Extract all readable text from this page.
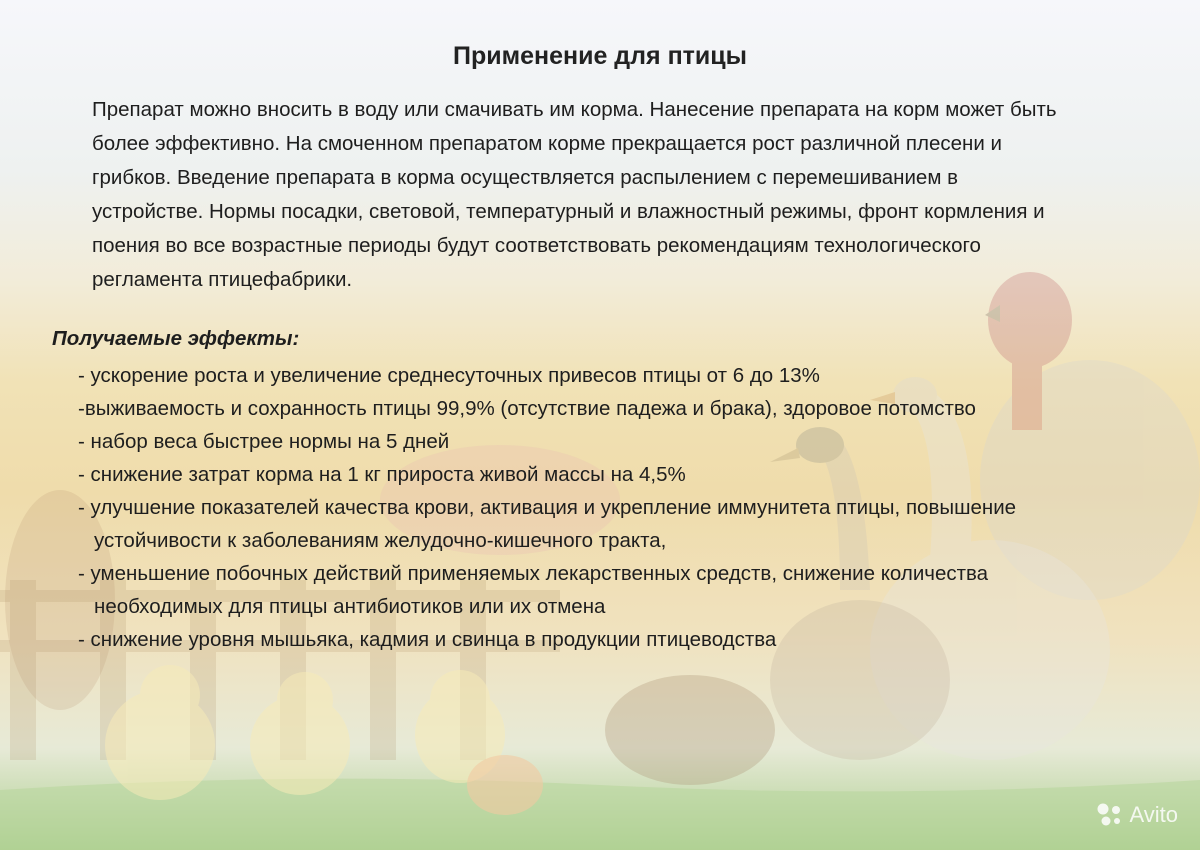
Применение для птицы

Препарат можно вносить в воду или смачивать им корма. Нанесение препарата на корм может быть более эффективно. На смоченном препаратом корме прекращается рост различной плесени и грибков. Введение препарата в корма осуществляется распылением с перемешиванием в устройстве. Нормы посадки, световой, температурный и влажностный режимы, фронт кормления и поения во все возрастные периоды будут соответствовать рекомендациям технологического регламента птицефабрики.

Получаемые эффекты:
- ускорение роста и увеличение среднесуточных привесов птицы от 6 до 13%
-выживаемость и сохранность птицы 99,9% (отсутствие падежа и брака), здоровое потомство
- набор веса быстрее нормы на 5 дней
- снижение затрат корма на 1 кг прироста живой массы на 4,5%
- улучшение показателей качества крови, активация и укрепление иммунитета птицы, повышение устойчивости к заболеваниям желудочно-кишечного тракта,
- уменьшение побочных действий применяемых лекарственных средств, снижение количества необходимых для птицы антибиотиков или их отмена
- снижение уровня мышьяка, кадмия и свинца в продукции птицеводства
Avito
